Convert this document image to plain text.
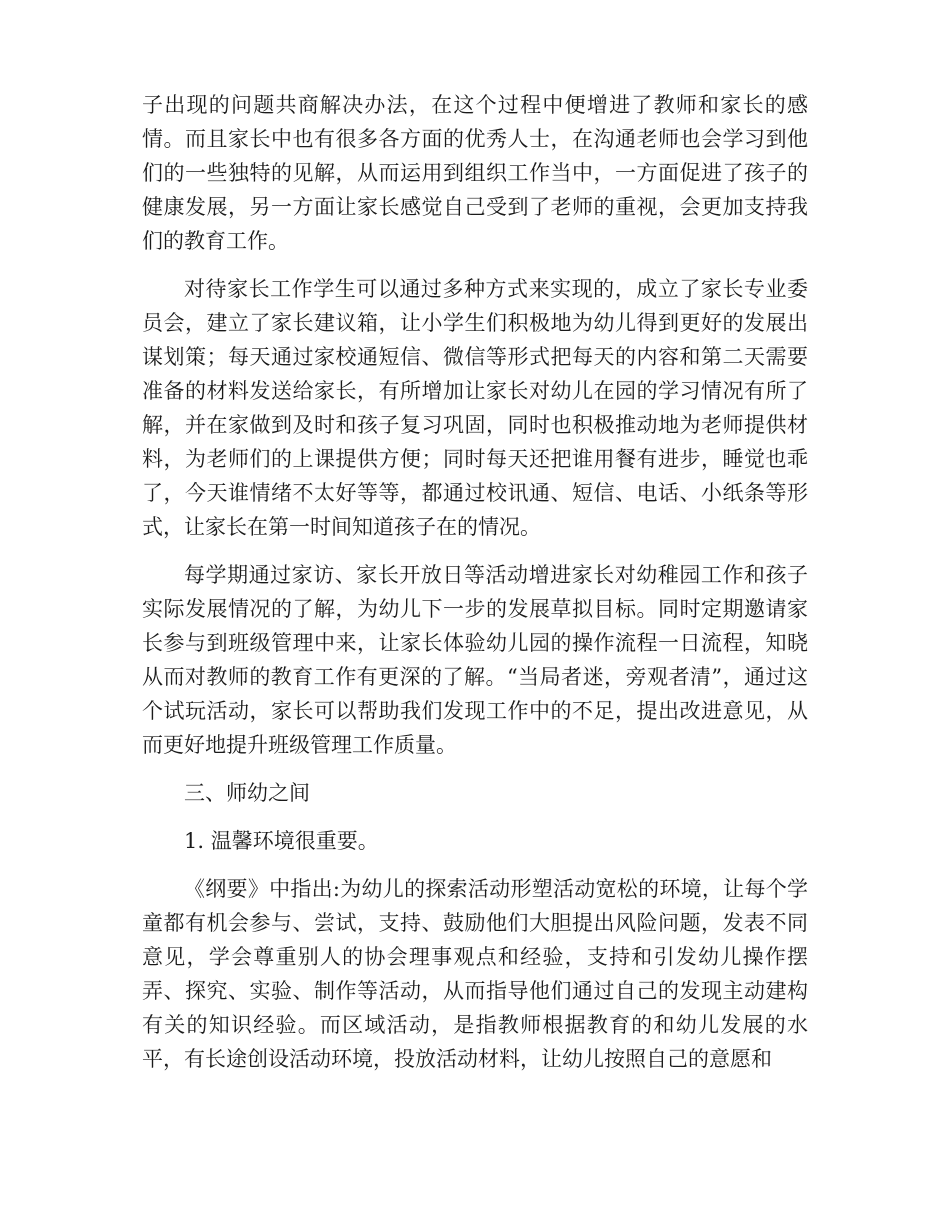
子出现的问题共商解决办法，在这个过程中便增进了教师和家长的感情。而且家长中也有很多各方面的优秀人士，在沟通老师也会学习到他们的一些独特的见解，从而运用到组织工作当中，一方面促进了孩子的健康发展，另一方面让家长感觉自己受到了老师的重视，会更加支持我们的教育工作。

对待家长工作学生可以通过多种方式来实现的，成立了家长专业委员会，建立了家长建议箱，让小学生们积极地为幼儿得到更好的发展出谋划策；每天通过家校通短信、微信等形式把每天的内容和第二天需要准备的材料发送给家长，有所增加让家长对幼儿在园的学习情况有所了解，并在家做到及时和孩子复习巩固，同时也积极推动地为老师提供材料，为老师们的上课提供方便；同时每天还把谁用餐有进步，睡觉也乖了，今天谁情绪不太好等等，都通过校讯通、短信、电话、小纸条等形式，让家长在第一时间知道孩子在的情况。

每学期通过家访、家长开放日等活动增进家长对幼稚园工作和孩子实际发展情况的了解，为幼儿下一步的发展草拟目标。同时定期邀请家长参与到班级管理中来，让家长体验幼儿园的操作流程一日流程，知晓从而对教师的教育工作有更深的了解。“当局者迷，旁观者清”，通过这个试玩活动，家长可以帮助我们发现工作中的不足，提出改进意见，从而更好地提升班级管理工作质量。

三、师幼之间

1. 温馨环境很重要。

《纲要》中指出:为幼儿的探索活动形塑活动宽松的环境，让每个学童都有机会参与、尝试，支持、鼓励他们大胆提出风险问题，发表不同意见，学会尊重别人的协会理事观点和经验，支持和引发幼儿操作摆弄、探究、实验、制作等活动，从而指导他们通过自己的发现主动建构有关的知识经验。而区域活动，是指教师根据教育的和幼儿发展的水平，有长途创设活动环境，投放活动材料，让幼儿按照自己的意愿和
